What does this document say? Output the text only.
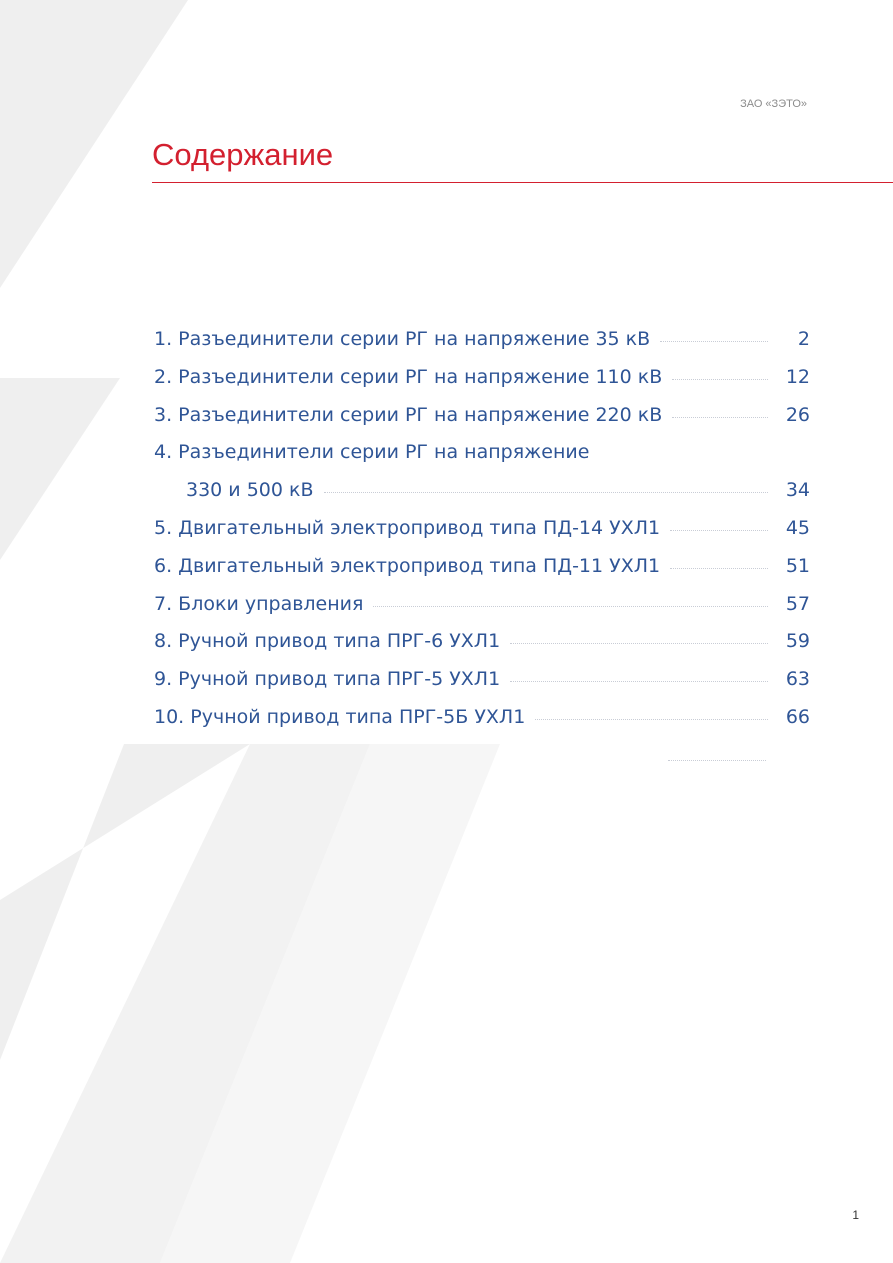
ЗАО «ЗЭТО»
Содержание
1. Разъединители серии РГ на напряжение 35 кВ	2
2. Разъединители серии РГ на напряжение 110 кВ	12
3. Разъединители серии РГ на напряжение 220 кВ	26
4. Разъединители серии РГ на напряжение
330 и 500 кВ	34
5. Двигательный электропривод типа ПД-14 УХЛ1	45
6. Двигательный электропривод типа ПД-11 УХЛ1	51
7. Блоки управления	57
8. Ручной привод типа ПРГ-6 УХЛ1	59
9. Ручной привод типа ПРГ-5 УХЛ1	63
10. Ручной привод типа ПРГ-5Б УХЛ1	66
1
